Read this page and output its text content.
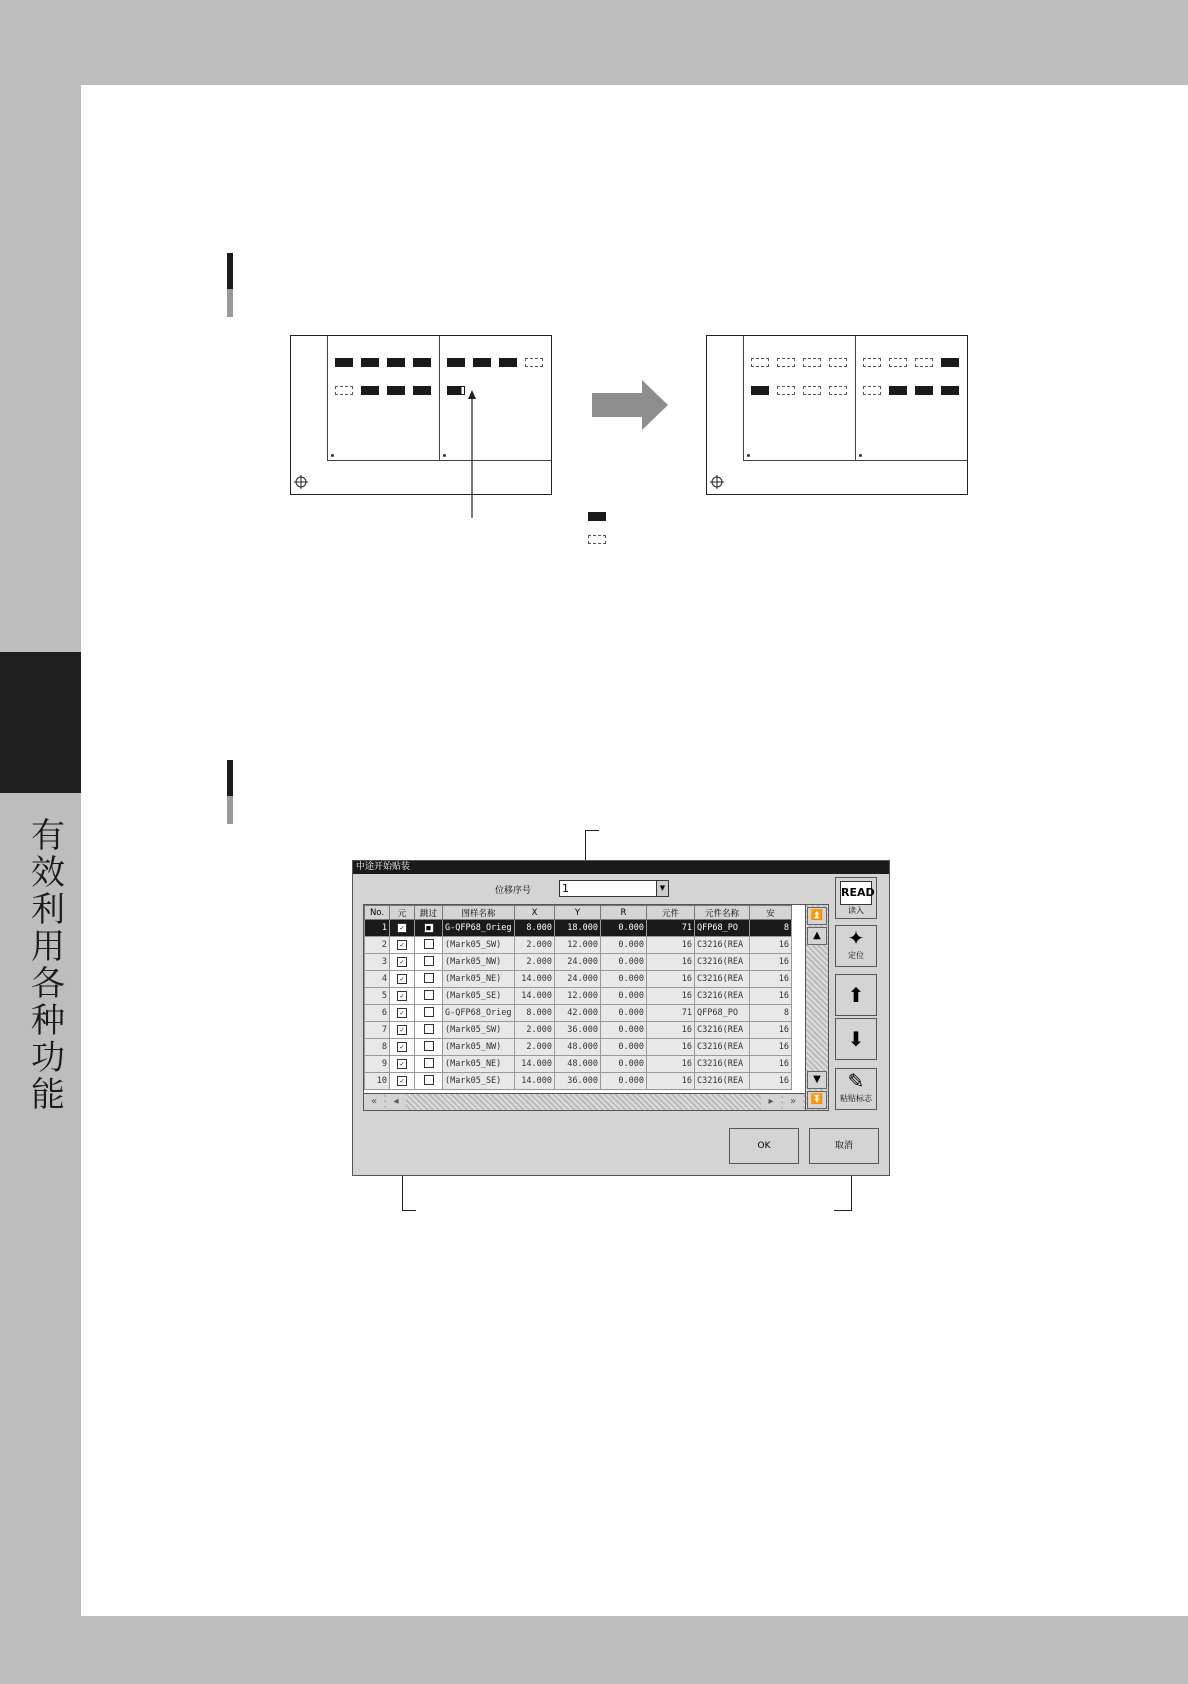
有
效
利
用
各
种
功
能
中途开始贴装
位移序号	1	▼
No.	元	跳过	图样名称	X	Y	R	元件	元件名称	安
1	✓	■	G-QFP68_Orieg	8.000	18.000	0.000	71	QFP68_PO	8
2	✓		(Mark05_SW)	2.000	12.000	0.000	16	C3216(REA	16
3	✓		(Mark05_NW)	2.000	24.000	0.000	16	C3216(REA	16
4	✓		(Mark05_NE)	14.000	24.000	0.000	16	C3216(REA	16
5	✓		(Mark05_SE)	14.000	12.000	0.000	16	C3216(REA	16
6	✓		G-QFP68_Orieg	8.000	42.000	0.000	71	QFP68_PO	8
7	✓		(Mark05_SW)	2.000	36.000	0.000	16	C3216(REA	16
8	✓		(Mark05_NW)	2.000	48.000	0.000	16	C3216(REA	16
9	✓		(Mark05_NE)	14.000	48.000	0.000	16	C3216(REA	16
10	✓		(Mark05_SE)	14.000	36.000	0.000	16	C3216(REA	16
«	◂	▸	»
⏫
▲
▼
⏬
READ
读入
✦
定位
⬆
⬇
✎
粘贴标志
OK	取消
